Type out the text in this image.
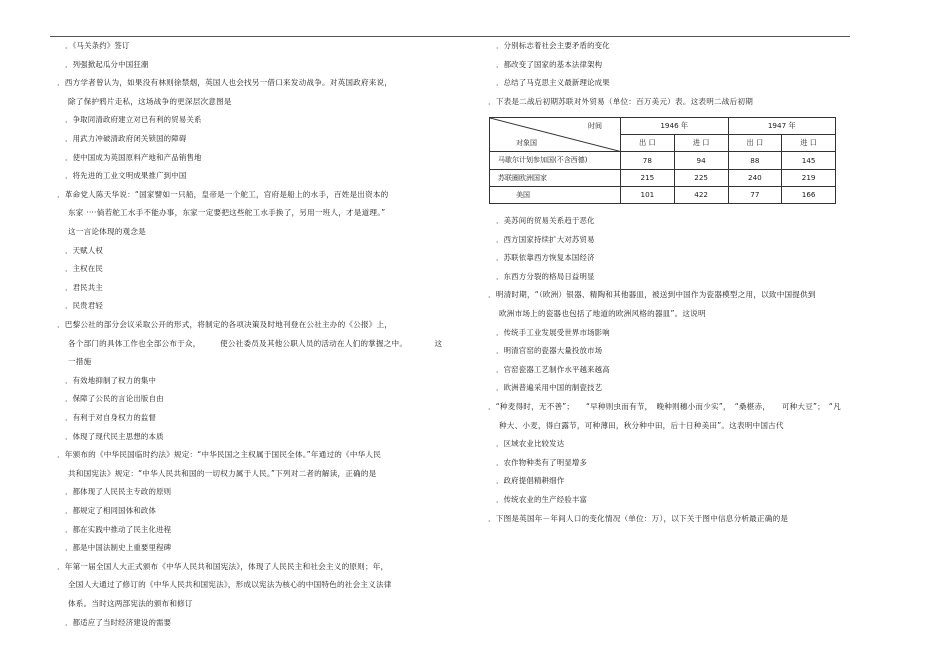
．《马关条约》签订
．列强掀起瓜分中国狂潮
．西方学者曾认为，如果没有林则徐禁烟，英国人也会找另一借口来发动战争。对英国政府来说，
除了保护鸦片走私，这场战争的更深层次意图是
．争取同清政府建立对已有利的贸易关系
．用武力冲破清政府闭关锁国的障碍
．使中国成为英国原料产地和产品销售地
．将先进的工业文明成果推广到中国
．革命党人陈天华说：“国家譬如一只船，皇帝是一个舵工，官府是船上的水手，百姓是出资本的
东家 ····倘若舵工水手不能办事，东家一定要把这些舵工水手换了，另用一班人，才是道理。”
这一言论体现的观念是
．天赋人权
．主权在民
．君民共主
．民贵君轻
．巴黎公社的部分会议采取公开的形式，将制定的各项决策及时地刊登在公社主办的《公报》上，
各个部门的具体工作也全部公布于众，　　　使公社委员及其他公职人员的活动在人们的掌握之中。　　　　这
一措施
．有效地抑制了权力的集中
．保障了公民的言论出版自由
．有利于对自身权力的监督
．体现了现代民主思想的本质
．年颁布的《中华民国临时约法》规定：“中华民国之主权属于国民全体。”年通过的《中华人民
共和国宪法》规定：“中华人民共和国的一切权力属于人民。”下列对二者的解读，正确的是
．都体现了人民民主专政的原则
．都规定了相同国体和政体
．都在实践中推动了民主化进程
．都是中国法制史上重要里程碑
．年第一届全国人大正式颁布《中华人民共和国宪法》，体现了人民民主和社会主义的原则；年，
全国人大通过了修订的《中华人民共和国宪法》，形成以宪法为核心的中国特色的社会主义法律
体系。当时这两部宪法的颁布和修订
．都适应了当时经济建设的需要
．分别标志着社会主要矛盾的变化
．都改变了国家的基本法律架构
．总结了马克思主义最新理论成果
．下表是二战后初期苏联对外贸易（单位：百万美元）表。这表明二战后初期
时间
对象国	1946 年		1947 年	
	出 口	进 口	出 口	进 口
马歇尔计划参加国(不含西德)	78	94	88	145
苏联圈欧洲国家	215	225	240	219
美国	101	422	77	166
．美苏间的贸易关系趋于恶化
．西方国家持续扩大对苏贸易
．苏联依靠西方恢复本国经济
．东西方分裂的格局日益明显
．明清时期，“（欧洲）银器、精陶和其他器皿，被送到中国作为瓷器模型之用，以致中国提供到
欧洲市场上的瓷器也包括了地道的欧洲风格的器皿”。这说明
．传统手工业发展受世界市场影响
．明清官窑的瓷器大量投放市场
．官窑瓷器工艺制作水平越来越高
．欧洲普遍采用中国的制瓷技艺
．“种麦得时，无不善”；　　“早种则虫而有节，　晚种则穗小而少实”，　“桑椹赤，　　可种大豆”；　“凡
种大、小麦，得白露节，可种薄田，秋分种中田，后十日种美田”。这表明中国古代
．区域农业比较发达
．农作物种类有了明显增多
．政府提倡精耕细作
．传统农业的生产经验丰富
．下图是英国年－年间人口的变化情况（单位：万），以下关于图中信息分析最正确的是
